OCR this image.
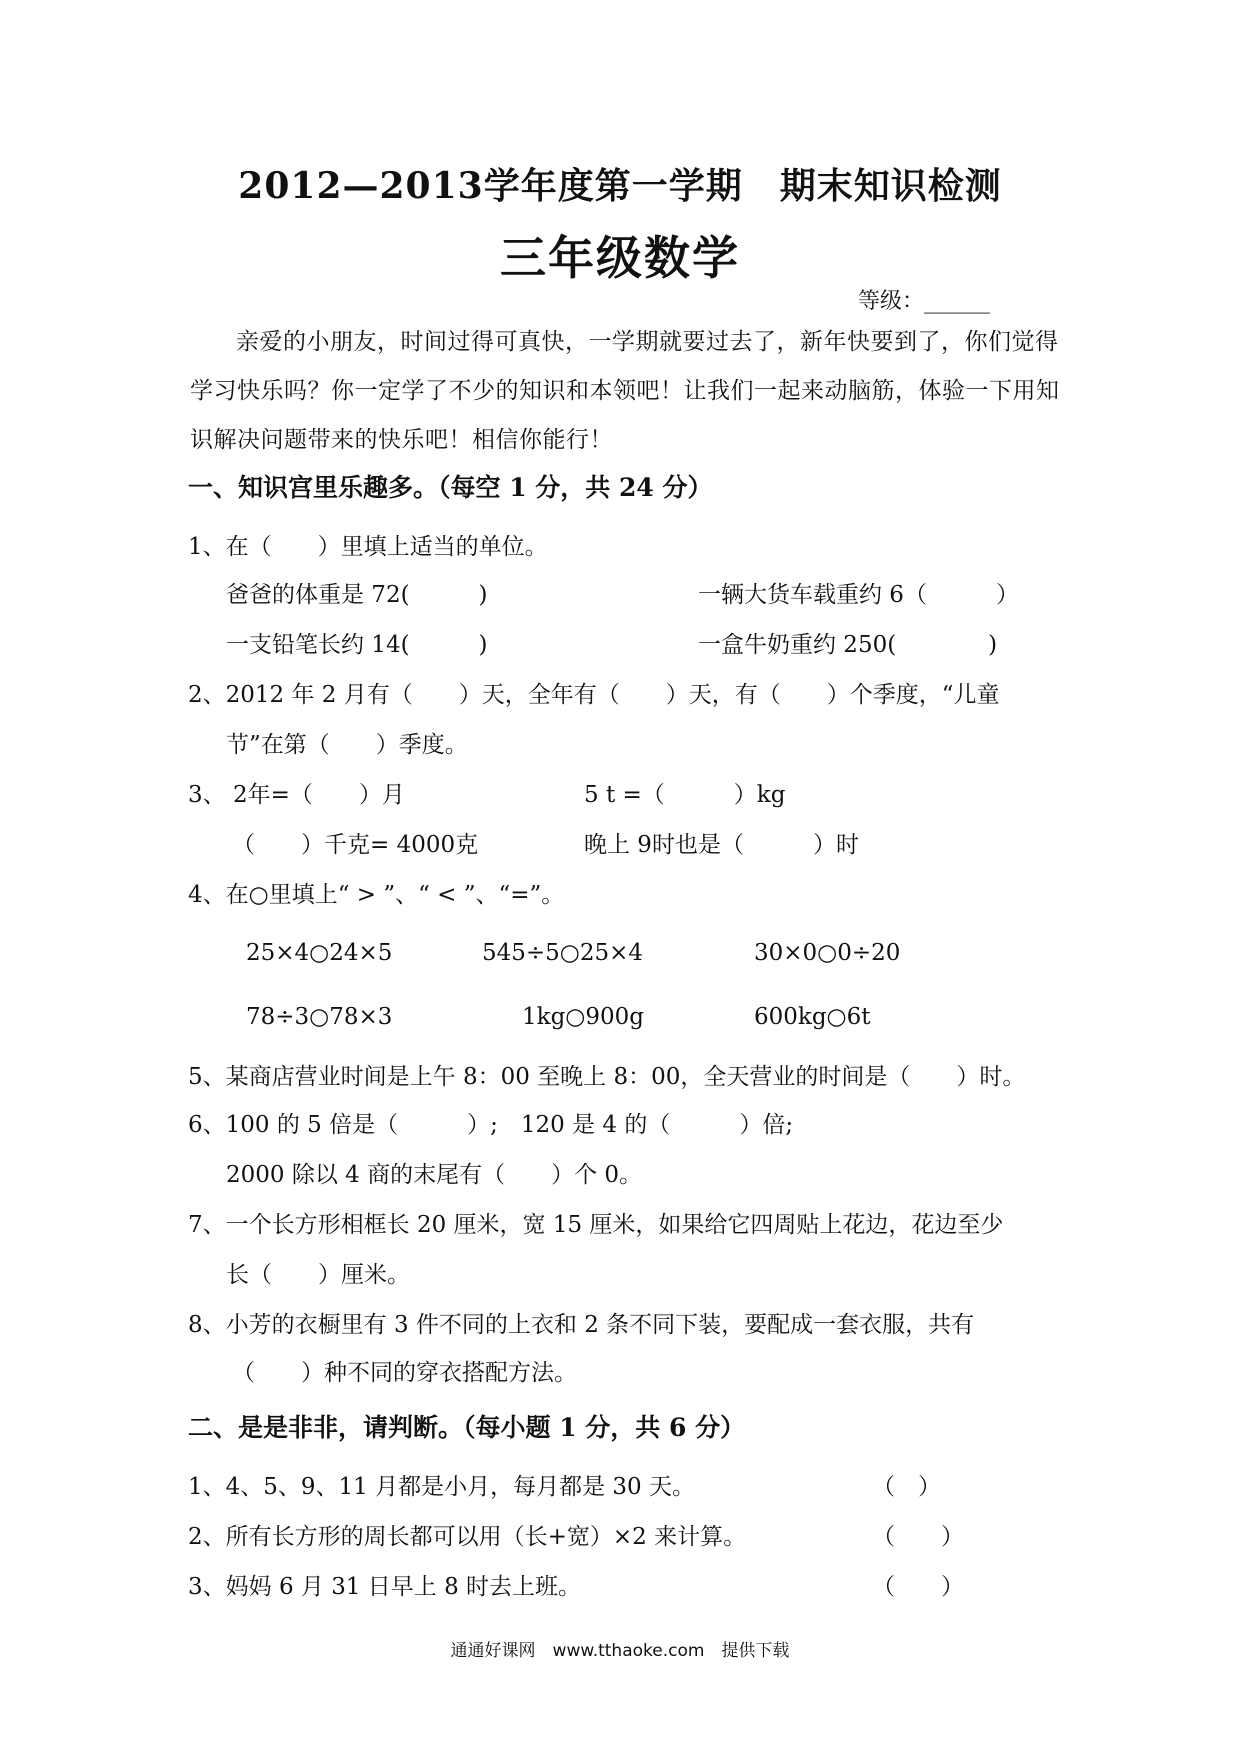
2012—2013学年度第一学期　期末知识检测
三年级数学
等级：______
亲爱的小朋友，时间过得可真快，一学期就要过去了，新年快要到了，你们觉得学习快乐吗？你一定学了不少的知识和本领吧！让我们一起来动脑筋，体验一下用知识解决问题带来的快乐吧！相信你能行！
一、知识宫里乐趣多。（每空 1 分，共 24 分）
1、在（　　）里填上适当的单位。
爸爸的体重是 72(　　　)	一辆大货车载重约 6（　　　）
一支铅笔长约 14(　　　)	一盒牛奶重约 250(　　　　)
2、2012 年 2 月有（　　）天，全年有（　　）天，有（　　）个季度，“儿童
节”在第（　　）季度。
3、 2年=（　　）月	5 t =（　　　）kg
（　　）千克= 4000克	晚上 9时也是（　　　）时
4、在○里填上“ > ”、“ < ”、“=”。
25×4○24×5	545÷5○25×4	30×0○0÷20
78÷3○78×3	1kg○900g	600kg○6t
5、某商店营业时间是上午 8：00 至晚上 8：00，全天营业的时间是（　　）时。
6、100 的 5 倍是（　　　）;　120 是 4 的（　　　）倍;
2000 除以 4 商的末尾有（　　）个 0。
7、一个长方形相框长 20 厘米，宽 15 厘米，如果给它四周贴上花边，花边至少
长（　　）厘米。
8、小芳的衣橱里有 3 件不同的上衣和 2 条不同下装，要配成一套衣服，共有
（　　）种不同的穿衣搭配方法。
二、是是非非，请判断。（每小题 1 分，共 6 分）
1、4、5、9、11 月都是小月，每月都是 30 天。	（　）
2、所有长方形的周长都可以用（长+宽）×2 来计算。	（　　）
3、妈妈 6 月 31 日早上 8 时去上班。	（　　）
通通好课网　www.tthaoke.com　提供下载
